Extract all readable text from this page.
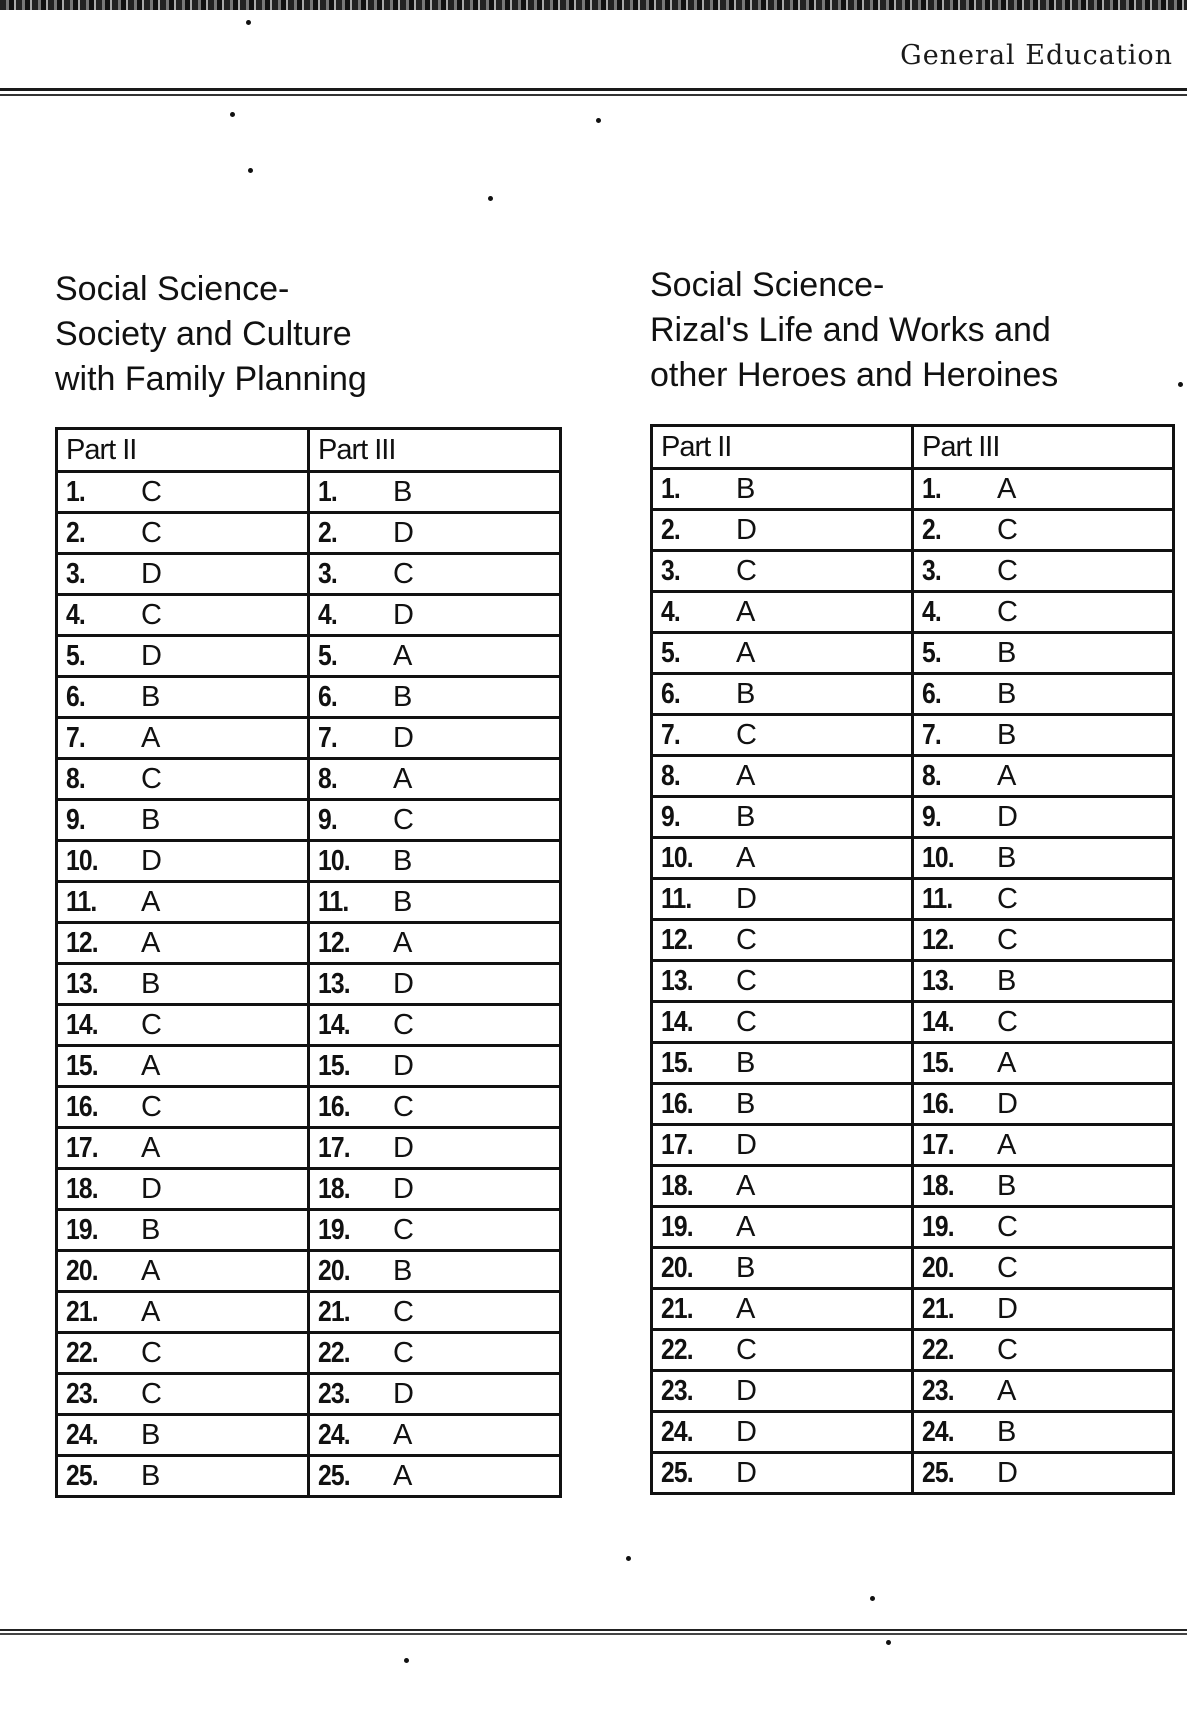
General Education
Social Science-
Society and Culture
with Family Planning
Social Science-
Rizal's Life and Works and
other Heroes and Heroines
Part II	Part III
1. C	1. B
2. C	2. D
3. D	3. C
4. C	4. D
5. D	5. A
6. B	6. B
7. A	7. D
8. C	8. A
9. B	9. C
10. D	10. B
11. A	11. B
12. A	12. A
13. B	13. D
14. C	14. C
15. A	15. D
16. C	16. C
17. A	17. D
18. D	18. D
19. B	19. C
20. A	20. B
21. A	21. C
22. C	22. C
23. C	23. D
24. B	24. A
25. B	25. A
Part II	Part III
1. B	1. A
2. D	2. C
3. C	3. C
4. A	4. C
5. A	5. B
6. B	6. B
7. C	7. B
8. A	8. A
9. B	9. D
10. A	10. B
11. D	11. C
12. C	12. C
13. C	13. B
14. C	14. C
15. B	15. A
16. B	16. D
17. D	17. A
18. A	18. B
19. A	19. C
20. B	20. C
21. A	21. D
22. C	22. C
23. D	23. A
24. D	24. B
25. D	25. D
